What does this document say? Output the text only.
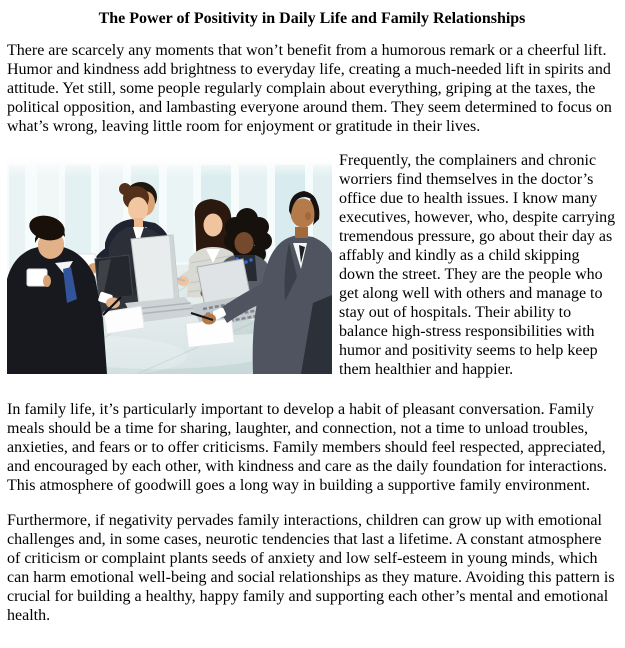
The Power of Positivity in Daily Life and Family Relationships

There are scarcely any moments that won’t benefit from a humorous remark or a cheerful lift. Humor and kindness add brightness to everyday life, creating a much-needed lift in spirits and attitude. Yet still, some people regularly complain about everything, griping at the taxes, the political opposition, and lambasting everyone around them. They seem determined to focus on what’s wrong, leaving little room for enjoyment or gratitude in their lives.

Frequently, the complainers and chronic worriers find themselves in the doctor’s office due to health issues. I know many executives, however, who, despite carrying tremendous pressure, go about their day as affably and kindly as a child skipping down the street. They are the people who get along well with others and manage to stay out of hospitals. Their ability to balance high-stress responsibilities with humor and positivity seems to help keep them healthier and happier.

In family life, it’s particularly important to develop a habit of pleasant conversation. Family meals should be a time for sharing, laughter, and connection, not a time to unload troubles, anxieties, and fears or to offer criticisms. Family members should feel respected, appreciated, and encouraged by each other, with kindness and care as the daily foundation for interactions. This atmosphere of goodwill goes a long way in building a supportive family environment.

Furthermore, if negativity pervades family interactions, children can grow up with emotional challenges and, in some cases, neurotic tendencies that last a lifetime. A constant atmosphere of criticism or complaint plants seeds of anxiety and low self-esteem in young minds, which can harm emotional well-being and social relationships as they mature. Avoiding this pattern is crucial for building a healthy, happy family and supporting each other’s mental and emotional health.
